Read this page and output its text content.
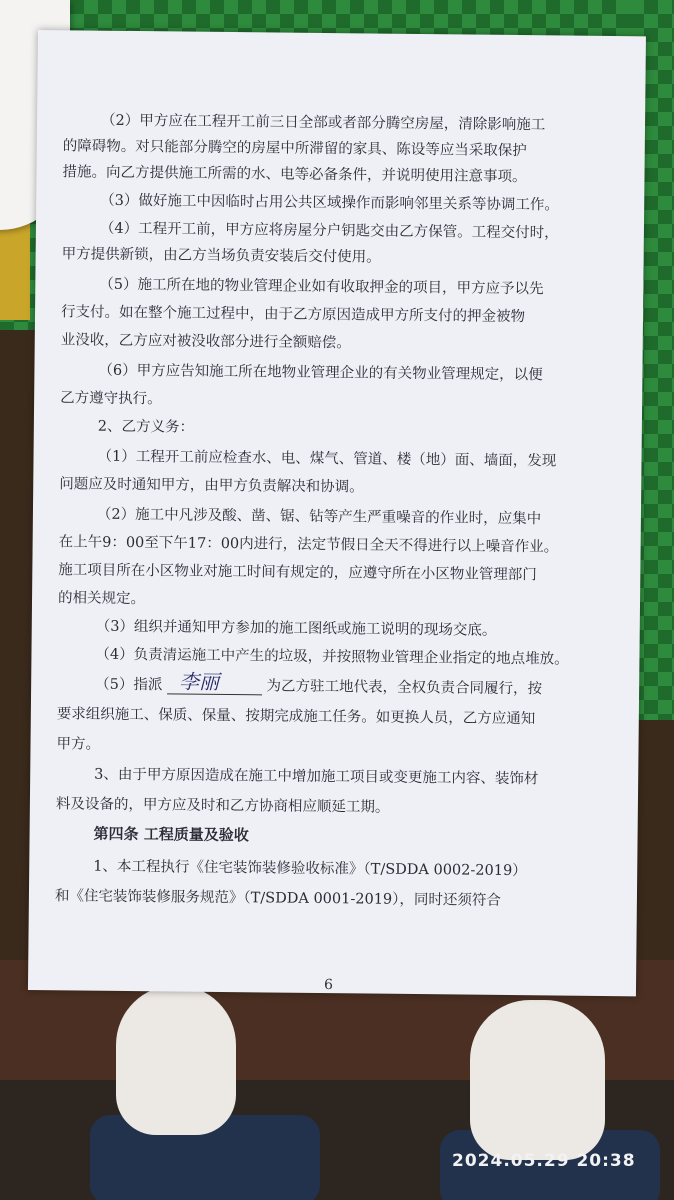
（2）甲方应在工程开工前三日全部或者部分腾空房屋，清除影响施工
的障碍物。对只能部分腾空的房屋中所滞留的家具、陈设等应当采取保护
措施。向乙方提供施工所需的水、电等必备条件，并说明使用注意事项。
（3）做好施工中因临时占用公共区域操作而影响邻里关系等协调工作。
（4）工程开工前，甲方应将房屋分户钥匙交由乙方保管。工程交付时，
甲方提供新锁，由乙方当场负责安装后交付使用。
（5）施工所在地的物业管理企业如有收取押金的项目，甲方应予以先
行支付。如在整个施工过程中，由于乙方原因造成甲方所支付的押金被物
业没收，乙方应对被没收部分进行全额赔偿。
（6）甲方应告知施工所在地物业管理企业的有关物业管理规定，以便
乙方遵守执行。
2、乙方义务：
（1）工程开工前应检查水、电、煤气、管道、楼（地）面、墙面，发现
问题应及时通知甲方，由甲方负责解决和协调。
（2）施工中凡涉及酸、凿、锯、钻等产生严重噪音的作业时，应集中
在上午9：00至下午17：00内进行，法定节假日全天不得进行以上噪音作业。
施工项目所在小区物业对施工时间有规定的，应遵守所在小区物业管理部门
的相关规定。
（3）组织并通知甲方参加的施工图纸或施工说明的现场交底。
（4）负责清运施工中产生的垃圾，并按照物业管理企业指定的地点堆放。
（5）指派 李丽	为乙方驻工地代表，全权负责合同履行，按
要求组织施工、保质、保量、按期完成施工任务。如更换人员，乙方应通知
甲方。
3、由于甲方原因造成在施工中增加施工项目或变更施工内容、装饰材
料及设备的，甲方应及时和乙方协商相应顺延工期。
第四条 工程质量及验收
1、本工程执行《住宅装饰装修验收标准》（T/SDDA 0002-2019）
和《住宅装饰装修服务规范》（T/SDDA 0001-2019），同时还须符合
6
2024.05.29 20:38
